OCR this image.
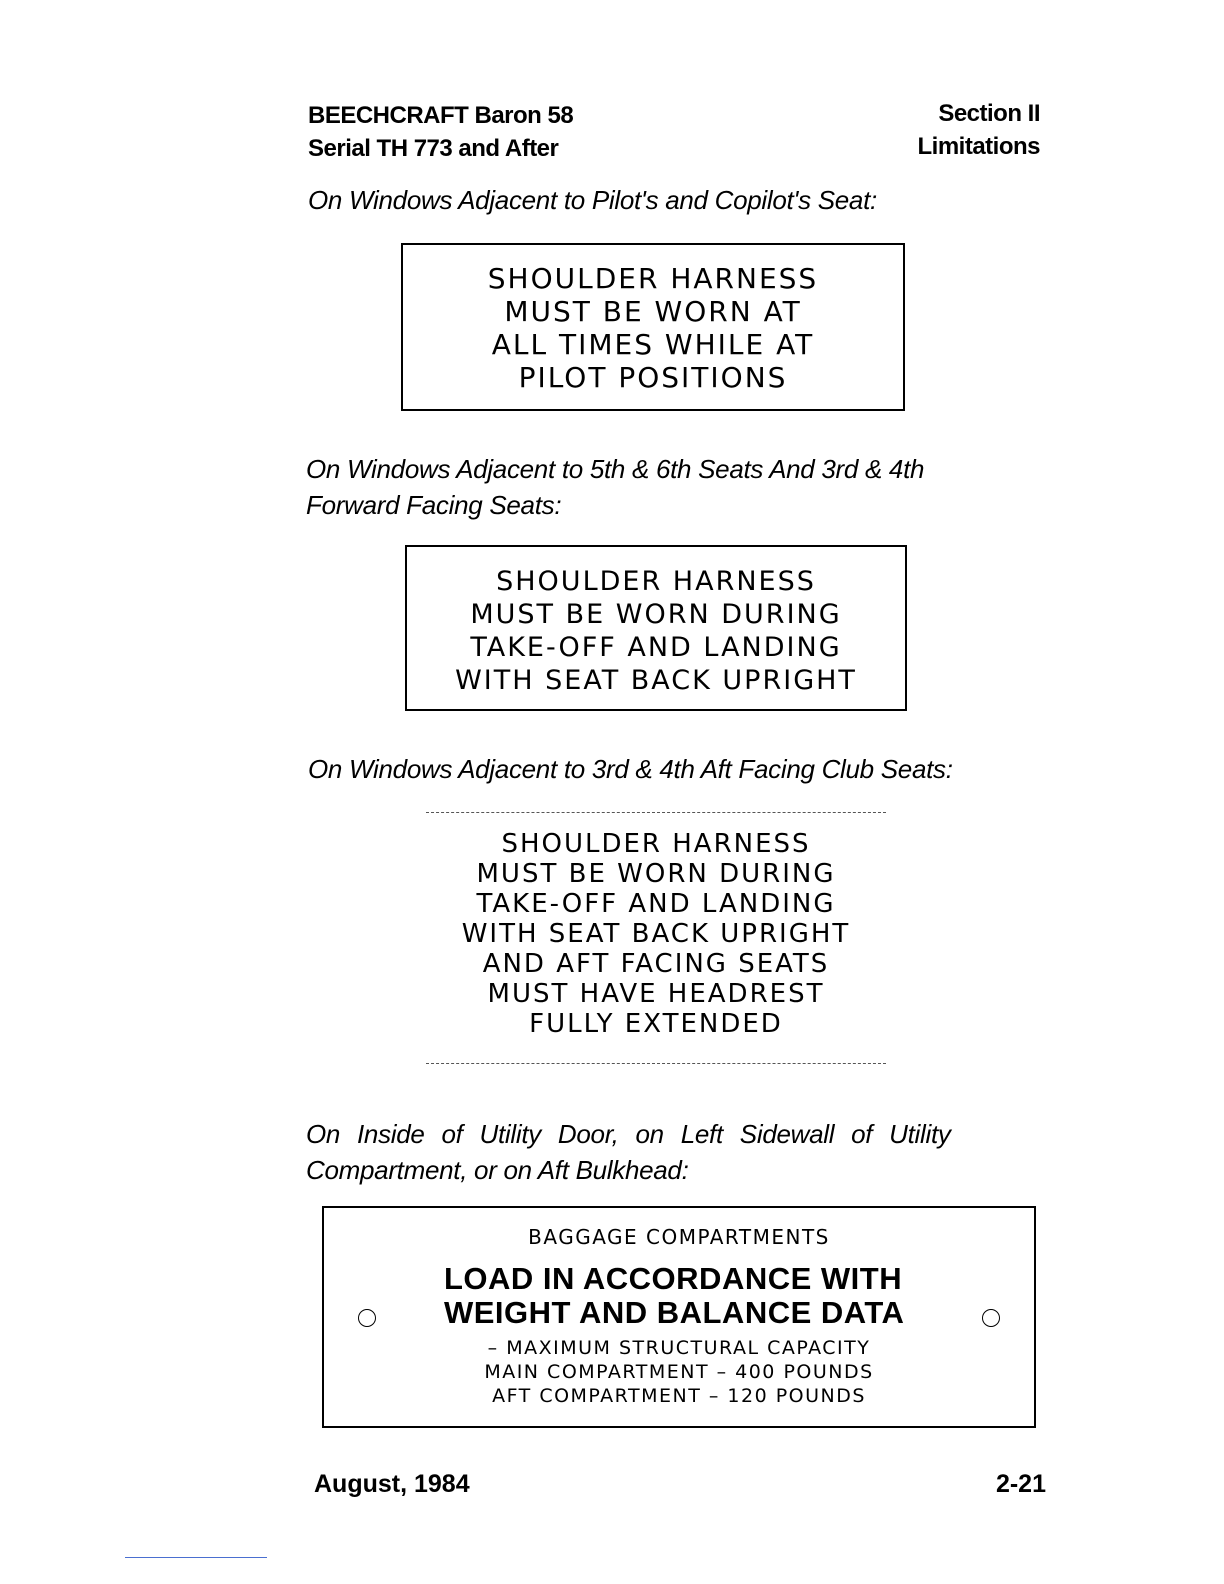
BEECHCRAFT Baron 58
Serial TH 773 and After
Section II
Limitations
On Windows Adjacent to Pilot's and Copilot's Seat:
SHOULDER HARNESS
MUST BE WORN AT
ALL TIMES WHILE AT
PILOT POSITIONS
On Windows Adjacent to 5th & 6th Seats And 3rd & 4th
Forward Facing Seats:
SHOULDER HARNESS
MUST BE WORN DURING
TAKE-OFF AND LANDING
WITH SEAT BACK UPRIGHT
On Windows Adjacent to 3rd & 4th Aft Facing Club Seats:
SHOULDER HARNESS
MUST BE WORN DURING
TAKE-OFF AND LANDING
WITH SEAT BACK UPRIGHT
AND AFT FACING SEATS
MUST HAVE HEADREST
FULLY EXTENDED
On Inside of Utility Door, on Left Sidewall of Utility
Compartment, or on Aft Bulkhead:
BAGGAGE COMPARTMENTS
LOAD IN ACCORDANCE WITH
WEIGHT AND BALANCE DATA
– MAXIMUM STRUCTURAL CAPACITY
MAIN COMPARTMENT – 400 POUNDS
AFT COMPARTMENT – 120 POUNDS
August, 1984	2-21
